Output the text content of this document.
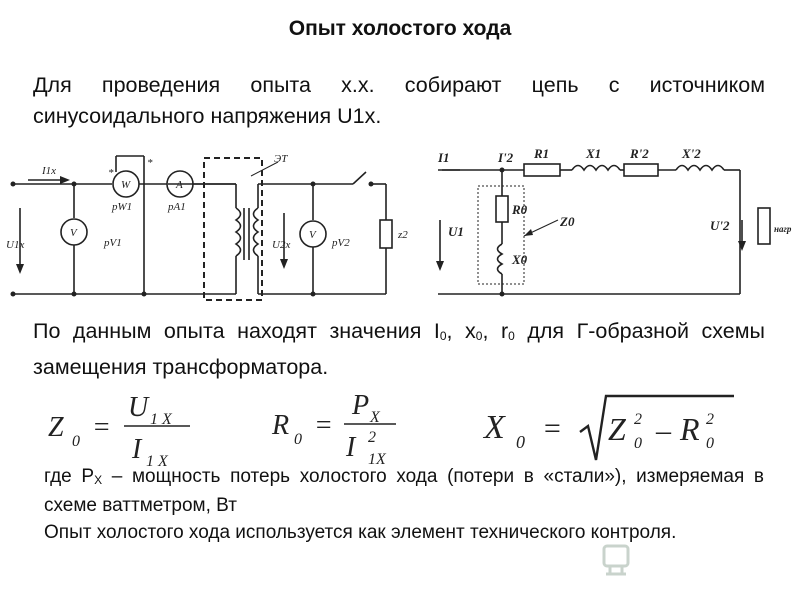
Опыт холостого хода
Для проведения опыта х.х. собирают цепь с источником синусоидального напряжения U1х.
I1x
U1x
W	A
V	V
pW1	pA1
pV1	pV2
U2x
ЭТ
z2
*
*	I1	I'2 R1	X1 R'2	X'2
U1
R0
X0
Z0	U'2	нагр
По данным опыта находят значения I0, x0, r0 для Г-образной схемы замещения трансформатора.
Z 0 =
U 1 X
I 1 X
R 0 =
P X
I 2
1X
X 0 = Z 2
0 – R 2
0
где PX – мощность потерь холостого хода (потери в «стали»), измеряемая в схеме ваттметром, Вт
Опыт холостого хода используется как элемент технического контроля.
